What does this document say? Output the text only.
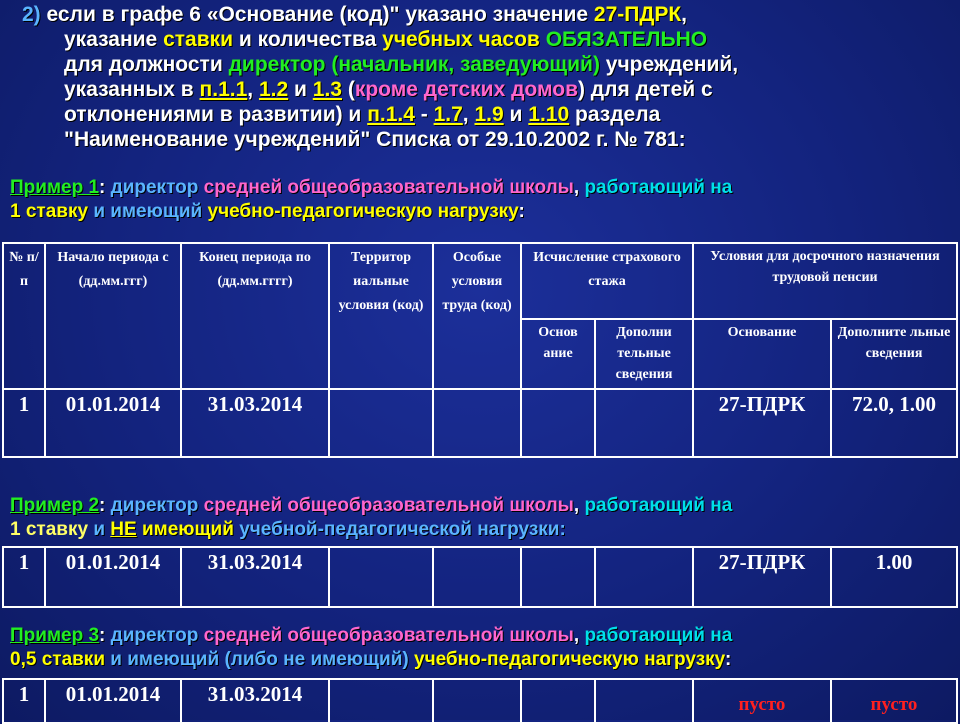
2) если в графе 6 «Основание (код)" указано значение 27-ПДРК,
указание ставки и количества учебных часов ОБЯЗАТЕЛЬНО
для должности директор (начальник, заведующий) учреждений,
указанных в п.1.1, 1.2 и 1.3 (кроме детских домов) для детей с
отклонениями в развитии) и п.1.4 - 1.7, 1.9 и 1.10 раздела
"Наименование учреждений" Списка от 29.10.2002 г. № 781:
Пример 1: директор средней общеобразовательной школы, работающий на
1 ставку и имеющий учебно-педагогическую нагрузку:
№ п/ п	Начало периода с (дд.мм.ггг)	Конец периода по (дд.мм.гггг)	Территор иальные условия (код)	Особые условия труда (код)	Исчисление страхового стажа		Условия для досрочного назначения трудовой пенсии	
					Основ ание	Дополни тельные сведения	Основание	Дополните льные сведения
1	01.01.2014	31.03.2014					27-ПДРК	72.0, 1.00
Пример 2: директор средней общеобразовательной школы, работающий на
1 ставку и НЕ имеющий учебной-педагогической нагрузки:
1	01.01.2014	31.03.2014					27-ПДРК	1.00
Пример 3: директор средней общеобразовательной школы, работающий на
0,5 ставки и имеющий (либо не имеющий) учебно-педагогическую нагрузку:
1	01.01.2014	31.03.2014					пусто	пусто
